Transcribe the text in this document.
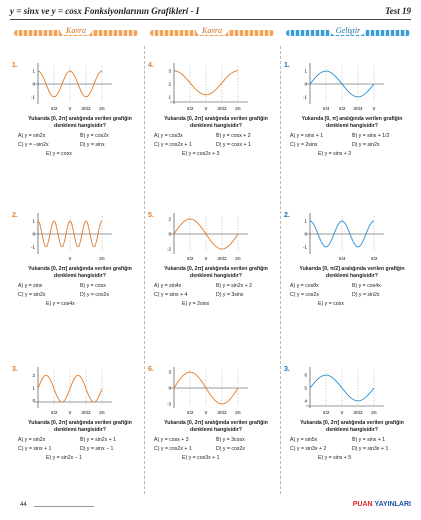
y = sinx ve y = cosx Fonksiyonlarının Grafikleri - I	Test 19
Kavra	Kavra	Geliştir
1.
π/2 π 3π/2 2π
1
0
-1
Yukarıda [0, 2π] aralığında verilen grafiğin denklemi hangisidir?
A) y = sin2x	B) y = cos2x
C) y = −sin2x	D) y = sinx
E) y = cosx
2.
π	2π
1
0
-1
Yukarıda [0, 2π] aralığında verilen grafiğin denklemi hangisidir?
A) y = sinx	B) y = cosx
C) y = sin2x	D) y = cos2x
E) y = cos4x
3.
π/2 π 3π/2 2π
2
1
0
Yukarıda [0, 2π] aralığında verilen grafiğin denklemi hangisidir?
A) y = sin2x	B) y = sin2x + 1
C) y = sinx + 1	D) y = sinx − 1
E) y = sin2x − 1
4.
π/2 π 3π/2 2π
3
2
1
Yukarıda [0, 2π] aralığında verilen grafiğin denklemi hangisidir?
A) y = cos3x	B) y = cosx + 2
C) y = cos2x + 1	D) y = cosx + 1
E) y = cos2x + 3
5.
π/2 π 3π/2 2π
2
0
-2
Yukarıda [0, 2π] aralığında verilen grafiğin denklemi hangisidir?
A) y = sin4x	B) y = sin2x + 2
C) y = sinx + 4	D) y = 3sinx
E) y = 2sinx
6.
π/2 π 3π/2 2π
3
0
-3
Yukarıda [0, 2π] aralığında verilen grafiğin denklemi hangisidir?
A) y = cosx + 3	B) y = 3cosx
C) y = cos2x + 1	D) y = cos2x
E) y = cos3x + 1
1.
π/4 π/2 3π/4 π
1
0
-1
Yukarıda [0, π] aralığında verilen grafiğin denklemi hangisidir?
A) y = sinx + 1	B) y = sinx + 1/2
C) y = 2sinx	D) y = sin2x
E) y = sinx + 2
2.
π/4	π/2
1
0
-1
Yukarıda [0, π/2] aralığında verilen grafiğin denklemi hangisidir?
A) y = cos8x	B) y = cos4x
C) y = cos2x	D) y = sin2x
E) y = cosx
3.
π/2 π 3π/2 2π
6
5
4
Yukarıda [0, 2π] aralığında verilen grafiğin denklemi hangisidir?
A) y = sin5x	B) y = sinx + 1
C) y = sin3x + 2	D) y = sin3x + 1
E) y = sinx + 5
44	PUAN YAYINLARI
